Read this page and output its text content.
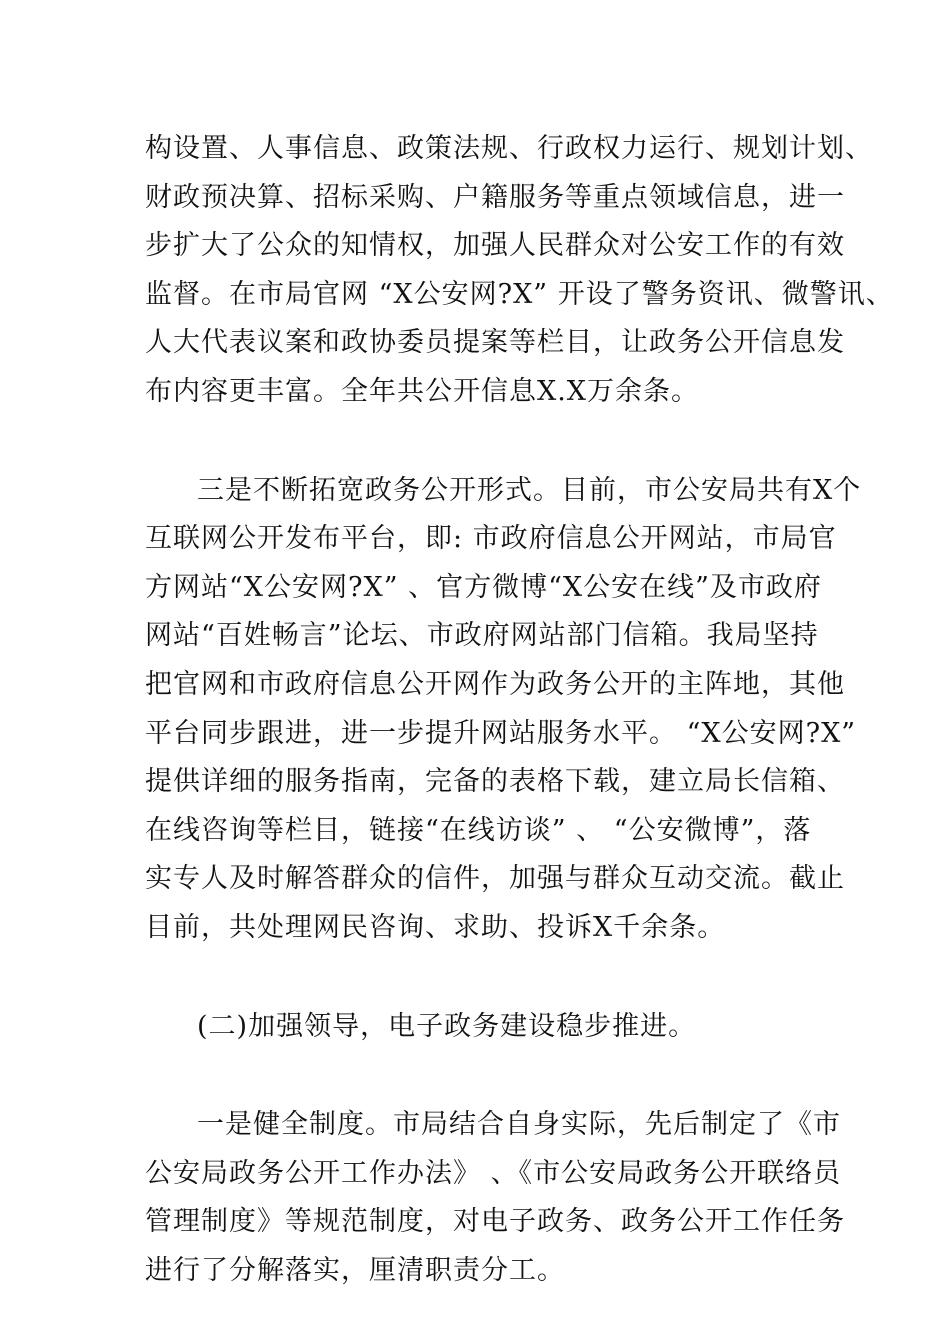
构设置、人事信息、政策法规、行政权力运行、规划计划、
财政预决算、招标采购、户籍服务等重点领域信息，进一
步扩大了公众的知情权，加强人民群众对公安工作的有效
监督。在市局官网 “X公安网?X” 开设了警务资讯、微警讯、
人大代表议案和政协委员提案等栏目，让政务公开信息发
布内容更丰富。全年共公开信息X.X万余条。
三是不断拓宽政务公开形式。目前，市公安局共有X个
互联网公开发布平台，即: 市政府信息公开网站，市局官
方网站“X公安网?X” 、官方微博“X公安在线”及市政府
网站“百姓畅言”论坛、市政府网站部门信箱。我局坚持
把官网和市政府信息公开网作为政务公开的主阵地，其他
平台同步跟进，进一步提升网站服务水平。 “X公安网?X”
提供详细的服务指南，完备的表格下载，建立局长信箱、
在线咨询等栏目，链接“在线访谈” 、 “公安微博”，落
实专人及时解答群众的信件，加强与群众互动交流。截止
目前，共处理网民咨询、求助、投诉X千余条。
(二)加强领导，电子政务建设稳步推进。
一是健全制度。市局结合自身实际，先后制定了《市
公安局政务公开工作办法》 、《市公安局政务公开联络员
管理制度》等规范制度，对电子政务、政务公开工作任务
进行了分解落实，厘清职责分工。
